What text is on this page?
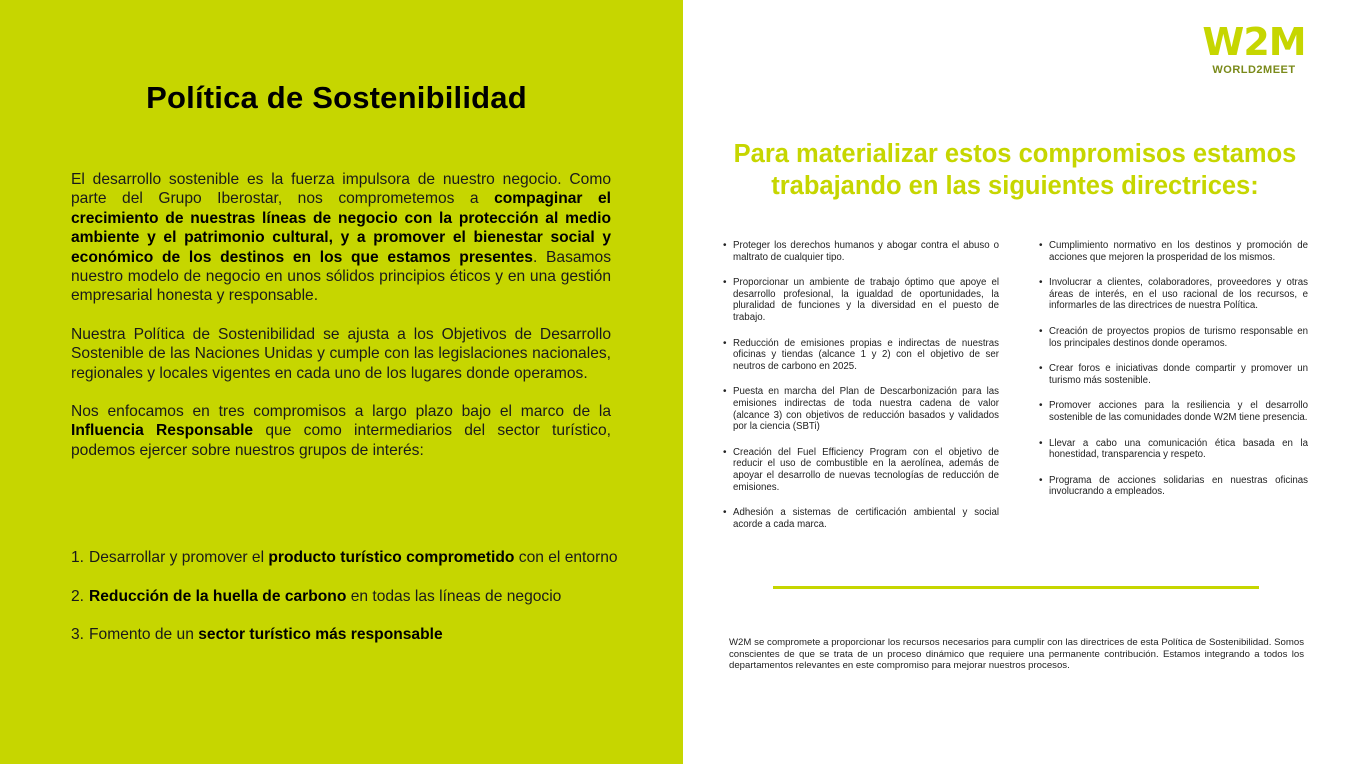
Política de Sostenibilidad

El desarrollo sostenible es la fuerza impulsora de nuestro negocio. Como parte del Grupo Iberostar, nos comprometemos a compaginar el crecimiento de nuestras líneas de negocio con la protección al medio ambiente y el patrimonio cultural, y a promover el bienestar social y económico de los destinos en los que estamos presentes. Basamos nuestro modelo de negocio en unos sólidos principios éticos y en una gestión empresarial honesta y responsable.

Nuestra Política de Sostenibilidad se ajusta a los Objetivos de Desarrollo Sostenible de las Naciones Unidas y cumple con las legislaciones nacionales, regionales y locales vigentes en cada uno de los lugares donde operamos.

Nos enfocamos en tres compromisos a largo plazo bajo el marco de la Influencia Responsable que como intermediarios del sector turístico, podemos ejercer sobre nuestros grupos de interés:

1. Desarrollar y promover el producto turístico comprometido con el entorno
2. Reducción de la huella de carbono en todas las líneas de negocio
3. Fomento de un sector turístico más responsable
W2M
WORLD2MEET
Para materializar estos compromisos estamos
trabajando en las siguientes directrices:
• Proteger los derechos humanos y abogar contra el abuso o maltrato de cualquier tipo.
• Proporcionar un ambiente de trabajo óptimo que apoye el desarrollo profesional, la igualdad de oportunidades, la pluralidad de funciones y la diversidad en el puesto de trabajo.
• Reducción de emisiones propias e indirectas de nuestras oficinas y tiendas (alcance 1 y 2) con el objetivo de ser neutros de carbono en 2025.
• Puesta en marcha del Plan de Descarbonización para las emisiones indirectas de toda nuestra cadena de valor (alcance 3) con objetivos de reducción basados y validados por la ciencia (SBTi)
• Creación del Fuel Efficiency Program con el objetivo de reducir el uso de combustible en la aerolínea, además de apoyar el desarrollo de nuevas tecnologías de reducción de emisiones.
• Adhesión a sistemas de certificación ambiental y social acorde a cada marca.
• Cumplimiento normativo en los destinos y promoción de acciones que mejoren la prosperidad de los mismos.
• Involucrar a clientes, colaboradores, proveedores y otras áreas de interés, en el uso racional de los recursos, e informarles de las directrices de nuestra Política.
• Creación de proyectos propios de turismo responsable en los principales destinos donde operamos.
• Crear foros e iniciativas donde compartir y promover un turismo más sostenible.
• Promover acciones para la resiliencia y el desarrollo sostenible de las comunidades donde W2M tiene presencia.
• Llevar a cabo una comunicación ética basada en la honestidad, transparencia y respeto.
• Programa de acciones solidarias en nuestras oficinas involucrando a empleados.

W2M se compromete a proporcionar los recursos necesarios para cumplir con las directrices de esta Política de Sostenibilidad. Somos conscientes de que se trata de un proceso dinámico que requiere una permanente contribución. Estamos integrando a todos los departamentos relevantes en este compromiso para mejorar nuestros procesos.
